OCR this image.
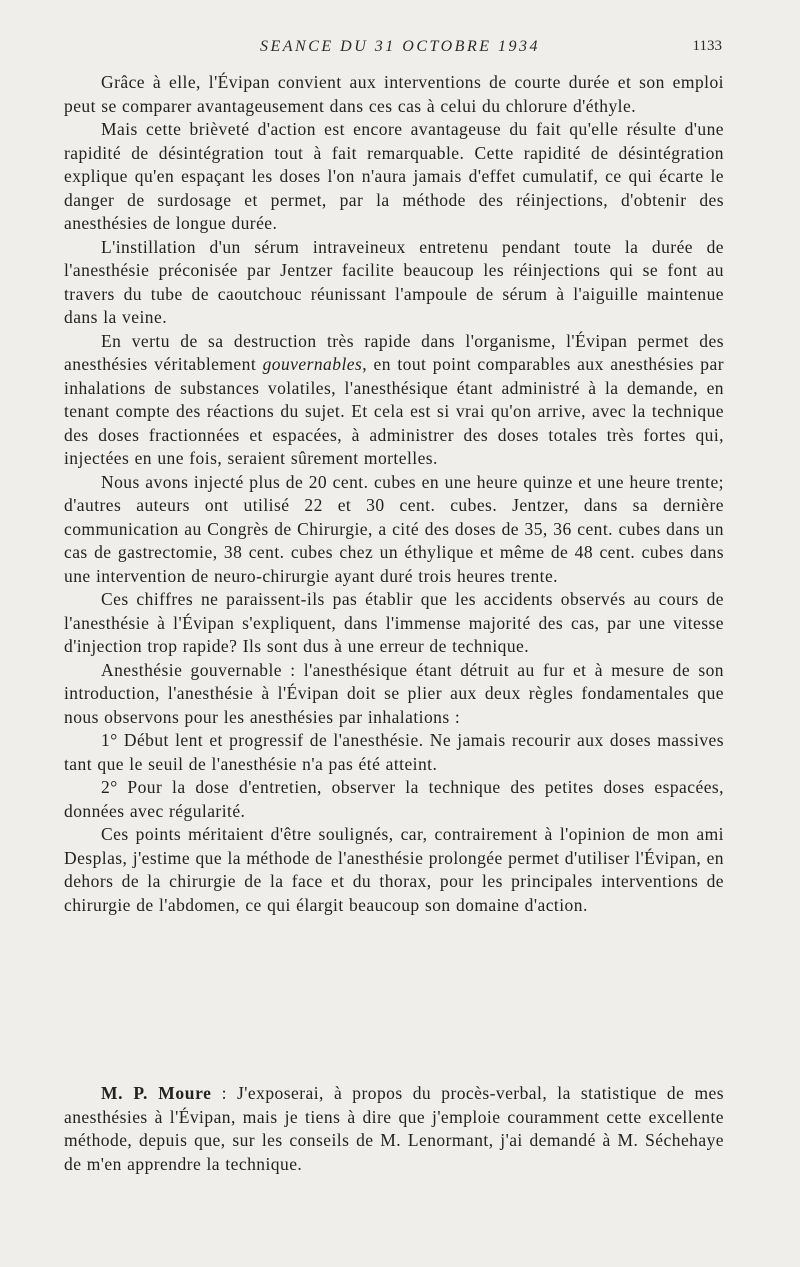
SEANCE DU 31 OCTOBRE 1934	1133

Grâce à elle, l'Évipan convient aux interventions de courte durée et son emploi peut se comparer avantageusement dans ces cas à celui du chlorure d'éthyle.

Mais cette brièveté d'action est encore avantageuse du fait qu'elle résulte d'une rapidité de désintégration tout à fait remarquable. Cette rapidité de désintégration explique qu'en espaçant les doses l'on n'aura jamais d'effet cumulatif, ce qui écarte le danger de surdosage et permet, par la méthode des réinjections, d'obtenir des anesthésies de longue durée.

L'instillation d'un sérum intraveineux entretenu pendant toute la durée de l'anesthésie préconisée par Jentzer facilite beaucoup les réinjections qui se font au travers du tube de caoutchouc réunissant l'ampoule de sérum à l'aiguille maintenue dans la veine.

En vertu de sa destruction très rapide dans l'organisme, l'Évipan permet des anesthésies véritablement gouvernables, en tout point comparables aux anesthésies par inhalations de substances volatiles, l'anesthésique étant administré à la demande, en tenant compte des réactions du sujet. Et cela est si vrai qu'on arrive, avec la technique des doses fractionnées et espacées, à administrer des doses totales très fortes qui, injectées en une fois, seraient sûrement mortelles.

Nous avons injecté plus de 20 cent. cubes en une heure quinze et une heure trente; d'autres auteurs ont utilisé 22 et 30 cent. cubes. Jentzer, dans sa dernière communication au Congrès de Chirurgie, a cité des doses de 35, 36 cent. cubes dans un cas de gastrectomie, 38 cent. cubes chez un éthylique et même de 48 cent. cubes dans une intervention de neuro-chirurgie ayant duré trois heures trente.

Ces chiffres ne paraissent-ils pas établir que les accidents observés au cours de l'anesthésie à l'Évipan s'expliquent, dans l'immense majorité des cas, par une vitesse d'injection trop rapide? Ils sont dus à une erreur de technique.

Anesthésie gouvernable : l'anesthésique étant détruit au fur et à mesure de son introduction, l'anesthésie à l'Évipan doit se plier aux deux règles fondamentales que nous observons pour les anesthésies par inhalations :

1° Début lent et progressif de l'anesthésie. Ne jamais recourir aux doses massives tant que le seuil de l'anesthésie n'a pas été atteint.

2° Pour la dose d'entretien, observer la technique des petites doses espacées, données avec régularité.

Ces points méritaient d'être soulignés, car, contrairement à l'opinion de mon ami Desplas, j'estime que la méthode de l'anesthésie prolongée permet d'utiliser l'Évipan, en dehors de la chirurgie de la face et du thorax, pour les principales interventions de chirurgie de l'abdomen, ce qui élargit beaucoup son domaine d'action.

M. P. Moure : J'exposerai, à propos du procès-verbal, la statistique de mes anesthésies à l'Évipan, mais je tiens à dire que j'emploie couramment cette excellente méthode, depuis que, sur les conseils de M. Lenormant, j'ai demandé à M. Séchehaye de m'en apprendre la technique.
